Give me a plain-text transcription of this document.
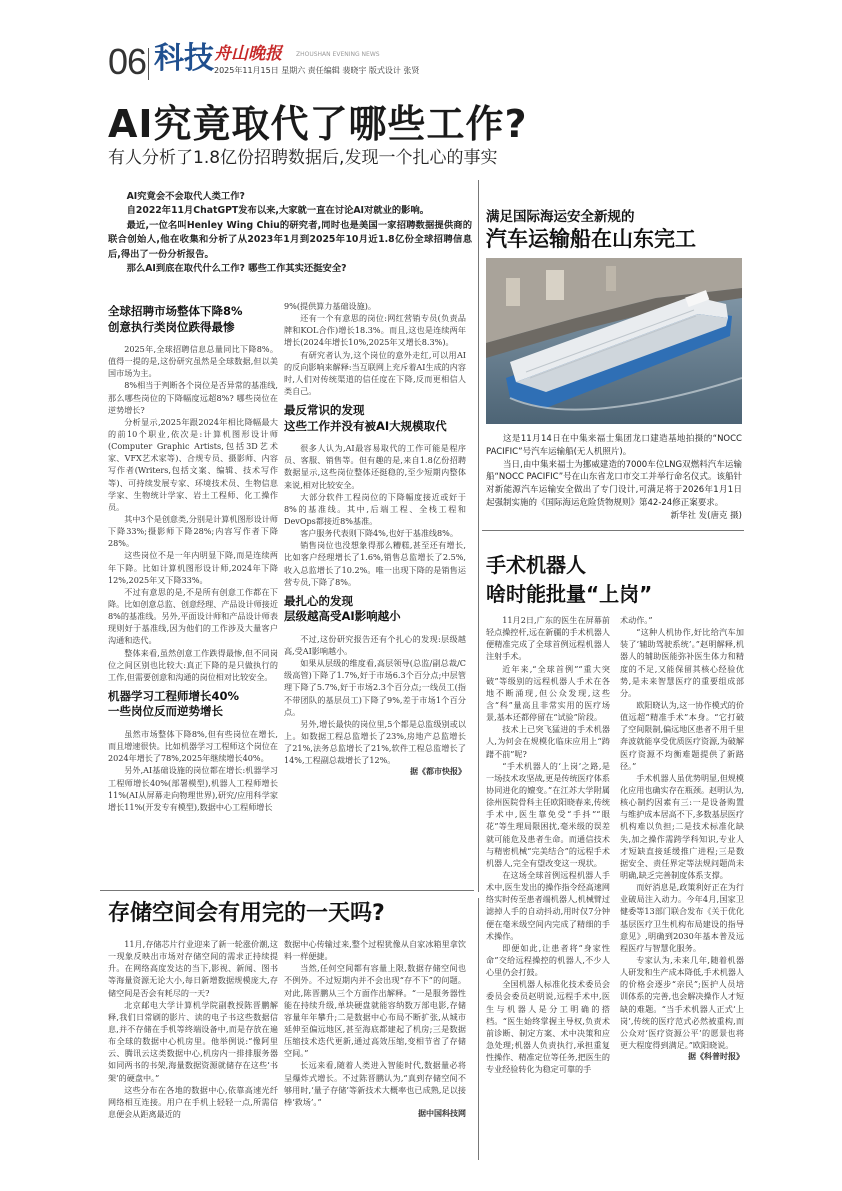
06 科技 舟山晚报 ZHOUSHAN EVENING NEWS
2025年11月15日 星期六 责任编辑 裴晓宇 版式设计 张贤
AI究竟取代了哪些工作?
有人分析了1.8亿份招聘数据后,发现一个扎心的事实

AI究竟会不会取代人类工作?

自2022年11月ChatGPT发布以来,大家就一直在讨论AI对就业的影响。

最近,一位名叫Henley Wing Chiu的研究者,同时也是美国一家招聘数据提供商的联合创始人,他在收集和分析了从2023年1月到2025年10月近1.8亿份全球招聘信息后,得出了一份分析报告。

那么AI到底在取代什么工作? 哪些工作其实还挺安全?

全球招聘市场整体下降8%
创意执行类岗位跌得最惨

2025年,全球招聘信息总量同比下降8%。值得一提的是,这份研究虽然是全球数据,但以美国市场为主。

8%相当于判断各个岗位是否异常的基准线,那么哪些岗位的下降幅度远超8%? 哪些岗位在逆势增长?

分析显示,2025年跟2024年相比降幅最大的前10个职业,依次是:计算机图形设计师(Computer Graphic Artists,包括3D艺术家、VFX艺术家等)、合规专员、摄影师、内容写作者(Writers,包括文案、编辑、技术写作等)、可持续发展专家、环境技术员、生物信息学家、生物统计学家、岩土工程师、化工操作员。

其中3个是创意类,分别是计算机图形设计师下降33%;摄影师下降28%;内容写作者下降28%。

这些岗位不是一年内明显下降,而是连续两年下降。比如计算机图形设计师,2024年下降12%,2025年又下降33%。

不过有意思的是,不是所有创意工作都在下降。比如创意总监、创意经理、产品设计师接近8%的基准线。另外,平面设计师和产品设计师表现则好于基准线,因为他们的工作涉及大量客户沟通和迭代。

整体来看,虽然创意工作跌得最惨,但不同岗位之间区别也比较大:真正下降的是只做执行的工作,但需要创意和沟通的岗位相对比较安全。

机器学习工程师增长40%
一些岗位反而逆势增长

虽然市场整体下降8%,但有些岗位在增长,而且增速很快。比如机器学习工程师这个岗位在2024年增长了78%,2025年继续增长40%。

另外,AI基础设施的岗位都在增长:机器学习工程师增长40%(部署模型),机器人工程师增长11%(AI从屏幕走向物理世界),研究/应用科学家增长11%(开发专有模型),数据中心工程师增长

9%(提供算力基础设施)。

还有一个有意思的岗位:网红营销专员(负责品牌和KOL合作)增长18.3%。而且,这也是连续两年增长(2024年增长10%,2025年又增长8.3%)。

有研究者认为,这个岗位的意外走红,可以用AI的反向影响来解释:当互联网上充斥着AI生成的内容时,人们对传统渠道的信任度在下降,反而更相信人类自己。

最反常识的发现
这些工作并没有被AI大规模取代

很多人认为,AI最容易取代的工作可能是程序员、客服、销售等。但有趣的是,来自1.8亿份招聘数据显示,这些岗位整体还挺稳的,至少短期内整体来说,相对比较安全。

大部分软件工程岗位的下降幅度接近或好于8%的基准线。其中,后端工程、全栈工程和DevOps都接近8%基准。

客户服务代表则下降4%,也好于基准线8%。

销售岗位也没想象得那么糟糕,甚至还有增长,比如客户经理增长了1.6%,销售总监增长了2.5%,收入总监增长了10.2%。唯一出现下降的是销售运营专员,下降了8%。

最扎心的发现
层级越高受AI影响越小

不过,这份研究报告还有个扎心的发现:层级越高,受AI影响越小。

如果从层级的维度看,高层领导(总监/副总裁/C级高管)下降了1.7%,好于市场6.3个百分点;中层管理下降了5.7%,好于市场2.3个百分点;一线员工(指不带团队的基层员工)下降了9%,差于市场1个百分点。

另外,增长最快的岗位里,5个都是总监级别或以上。如数据工程总监增长了23%,房地产总监增长了21%,法务总监增长了21%,软件工程总监增长了14%,工程副总裁增长了12%。

据《都市快报》

存储空间会有用完的一天吗?

11月,存储芯片行业迎来了新一轮涨价潮,这一现象反映出市场对存储空间的需求正持续提升。在网络高度发达的当下,影视、新闻、图书等海量资源无论大小,每日新增数据规模庞大,存储空间是否会有耗尽的一天?

北京邮电大学计算机学院副教授陈晋鹏解释,我们日常刷的影片、读的电子书这些数据信息,并不存储在手机等终端设备中,而是存放在遍布全球的数据中心机房里。他举例说:“像阿里云、腾讯云这类数据中心,机房内一排排服务器如同两书的书架,海量数据资源就储存在这些‘书架’的硬盘中。”

这些分布在各地的数据中心,依靠高速光纤网络相互连接。用户在手机上轻轻一点,所需信息便会从距离最近的

数据中心传输过来,整个过程犹像从自家冰箱里拿饮料一样便捷。

当然,任何空间都有容量上限,数据存储空间也不例外。不过短期内并不会出现“存不下”的问题。对此,陈晋鹏从三个方面作出解释。“一是服务器性能在持续升级,单块硬盘就能容纳数万部电影,存储容量年年攀升;二是数据中心布局不断扩张,从城市延伸至偏远地区,甚至海底都建起了机房;三是数据压缩技术迭代更新,通过高效压缩,变相节省了存储空间。”

长远来看,随着人类进入智能时代,数据量必将呈爆炸式增长。不过陈晋鹏认为,“真到存储空间不够用时,‘量子存储’等新技术大概率也已成熟,足以接棒‘救场’。”

据中国科技网

满足国际海运安全新规的
汽车运输船在山东完工

这是11月14日在中集来福士集团龙口建造基地拍摄的“NOCC PACIFIC”号汽车运输船(无人机照片)。

当日,由中集来福士为挪威建造的7000车位LNG双燃料汽车运输船“NOCC PACIFIC”号在山东省龙口市交工并举行命名仪式。该船针对新能源汽车运输安全做出了专门设计,可满足将于2026年1月1日起强制实施的《国际海运危险货物规则》第42-24修正案要求。

新华社 发(唐克 摄)

手术机器人
啥时能批量“上岗”

11月2日,广东的医生在屏幕前轻点操控杆,远在新疆的手术机器人便精准完成了全球首例远程机器人注射手术。

近年来,“全球首例”“重大突破”等级别的远程机器人手术在各地不断涌现,但公众发现,这些含“科”量高且非常实用的医疗场景,基本还都停留在“试验”阶段。

技术上已突飞猛进的手术机器人,为何会在规模化临床应用上“踌躇不前”呢?

“手术机器人的‘上岗’之路,是一场技术攻坚战,更是传统医疗体系协同进化的嬗变。”在江苏大学附属徐州医院骨科主任欧阳晓春来,传统手术中,医生靠免受“手抖”“眼花”等生理局限困扰,毫米级的误差就可能危及患者生命。而通信技术与精密机械“完美结合”的远程手术机器人,完全有望改变这一现状。

在这场全球首例远程机器人手术中,医生发出的操作指令经高速网络实时传至患者端机器人,机械臂过滤掉人手的自动抖动,用时仅7分钟便在毫米级空间内完成了精细的手术操作。

即便如此,让患者将“身家性命”交给远程操控的机器人,不少人心里仍会打鼓。

全国机器人标准化技术委员会委员会委员赵明说,远程手术中,医生与机器人是分工明确的搭档。“医生始终掌握主导权,负责术前诊断、制定方案、术中决策和应急处理;机器人负责执行,承担重复性操作、精准定位等任务,把医生的专业经验转化为稳定可靠的手

术动作。”

“这种人机协作,好比给汽车加装了‘辅助驾驶系统’。”赵明解释,机器人的辅助医能弥补医生体力和精度的不足,又能保留其核心经验优势,是未来智慧医疗的重要组成部分。

欧阳晓认为,这一协作模式的价值远超“精准手术”本身。“它打破了空间限制,偏远地区患者不用千里奔波就能享受优质医疗资源,为破解医疗资源不均衡难题提供了新路径。”

手术机器人虽优势明显,但规模化应用也确实存在瓶颈。赵明认为,核心制约因素有三:一是设备购置与维护成本居高不下,多数基层医疗机构难以负担;二是技术标准化缺失,加之操作需跨学科知识,专业人才短缺直接延缓推广进程;三是数据安全、责任界定等法规问题尚未明确,缺乏完善制度体系支撑。

而好消息是,政策利好正在为行业破局注入动力。今年4月,国家卫健委等13部门联合发布《关于优化基层医疗卫生机构布局建设的指导意见》,明确到2030年基本普及远程医疗与智慧化服务。

专家认为,未来几年,随着机器人研发和生产成本降低,手术机器人的价格会逐步“亲民”;医护人员培训体系的完善,也会解决操作人才短缺的难题。“当手术机器人正式‘上岗’,传统的医疗范式必然被重构,而公众对‘医疗资源公平’的愿景也将更大程度得到满足。”欧阳晓说。

据《科普时报》
